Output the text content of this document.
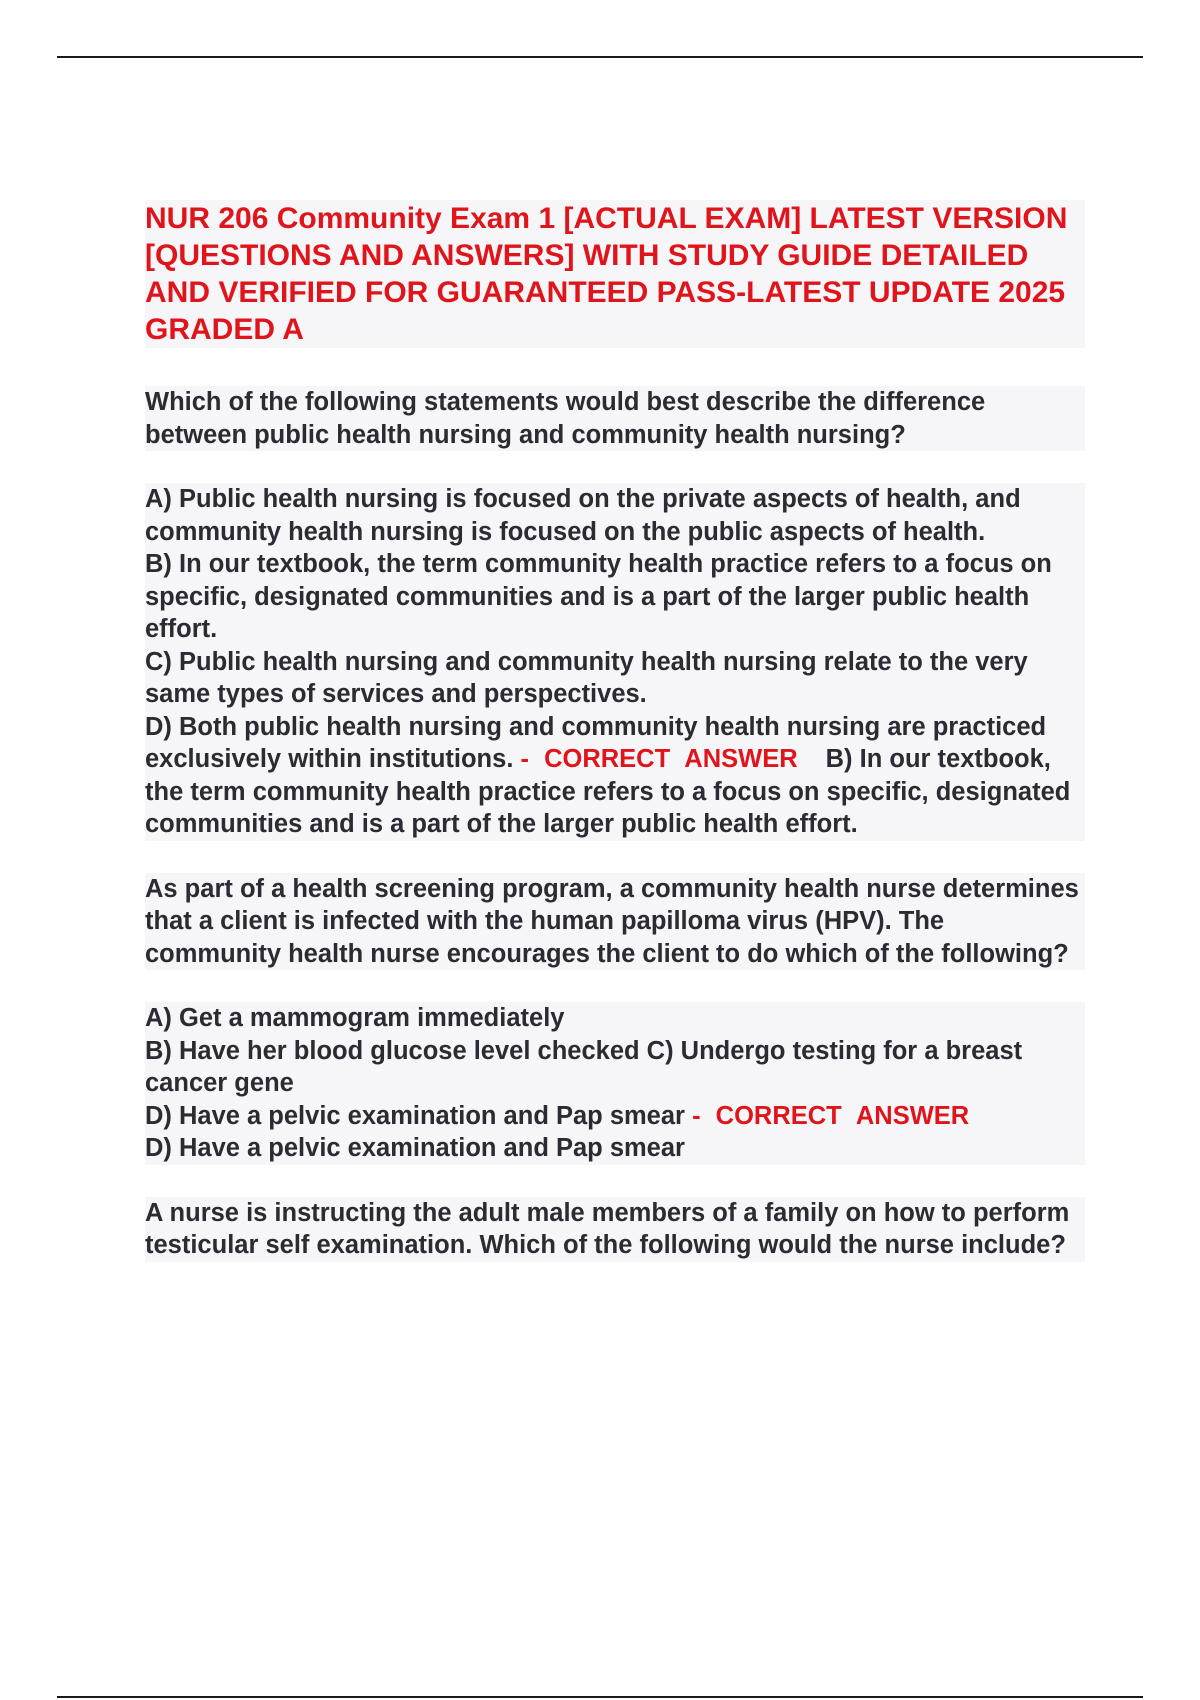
NUR 206 Community Exam 1 [ACTUAL EXAM] LATEST VERSION [QUESTIONS AND ANSWERS] WITH STUDY GUIDE DETAILED AND VERIFIED FOR GUARANTEED PASS-LATEST UPDATE 2025 GRADED A

Which of the following statements would best describe the difference between public health nursing and community health nursing?

A) Public health nursing is focused on the private aspects of health, and community health nursing is focused on the public aspects of health.

B) In our textbook, the term community health practice refers to a focus on specific, designated communities and is a part of the larger public health effort.

C) Public health nursing and community health nursing relate to the very same types of services and perspectives.

D) Both public health nursing and community health nursing are practiced exclusively within institutions. - CORRECT ANSWER B) In our textbook, the term community health practice refers to a focus on specific, designated communities and is a part of the larger public health effort.

As part of a health screening program, a community health nurse determines that a client is infected with the human papilloma virus (HPV). The community health nurse encourages the client to do which of the following?

A) Get a mammogram immediately

B) Have her blood glucose level checked C) Undergo testing for a breast cancer gene

D) Have a pelvic examination and Pap smear - CORRECT ANSWER

D) Have a pelvic examination and Pap smear

A nurse is instructing the adult male members of a family on how to perform testicular self examination. Which of the following would the nurse include?
